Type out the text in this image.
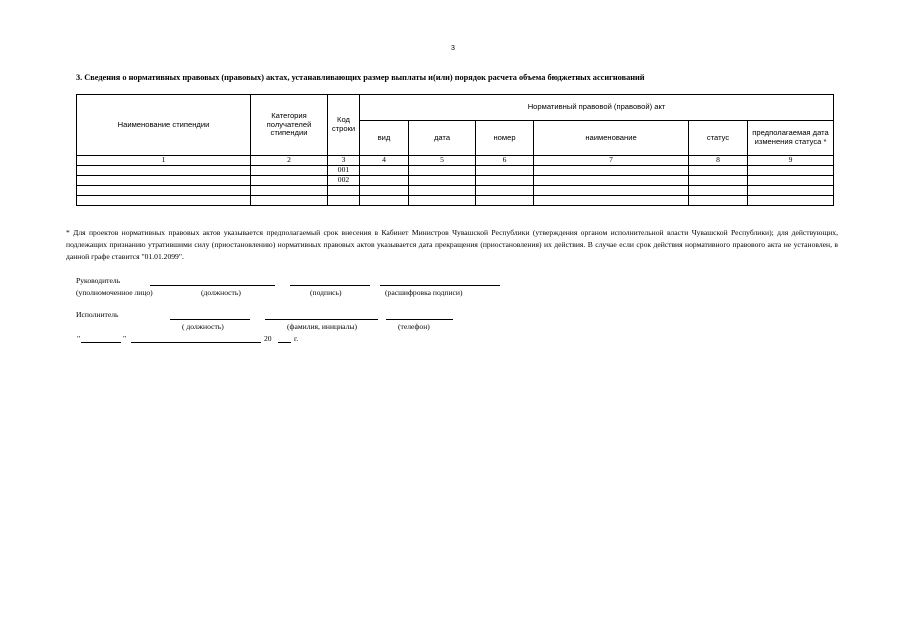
3
3. Сведения о нормативных правовых (правовых) актах, устанавливающих размер выплаты и(или) порядок расчета объема бюджетных ассигнований
Наименование стипендии	Категория получателей стипендии	Код строки	Нормативный правовой (правовой) акт					
			вид	дата	номер	наименование	статус	предполагаемая дата изменения статуса *
1	2	3	4	5	6	7	8	9
		001						
		002						

* Для проектов нормативных правовых актов указывается предполагаемый срок внесения в Кабинет Министров Чувашской Республики (утверждения органом исполнительной власти Чувашской Республики); для действующих, подлежащих признанию утратившими силу (приостановлению) нормативных правовых актов указывается дата прекращения (приостановления) их действия. В случае если срок действия нормативного правового акта не установлен, в данной графе ставится "01.01.2099".
Руководитель
(уполномоченное лицо)	(должность)	(подпись)	(расшифровка подписи)
Исполнитель
( должность)	(фамилия, инициалы)	(телефон)
"	"	20	г.
